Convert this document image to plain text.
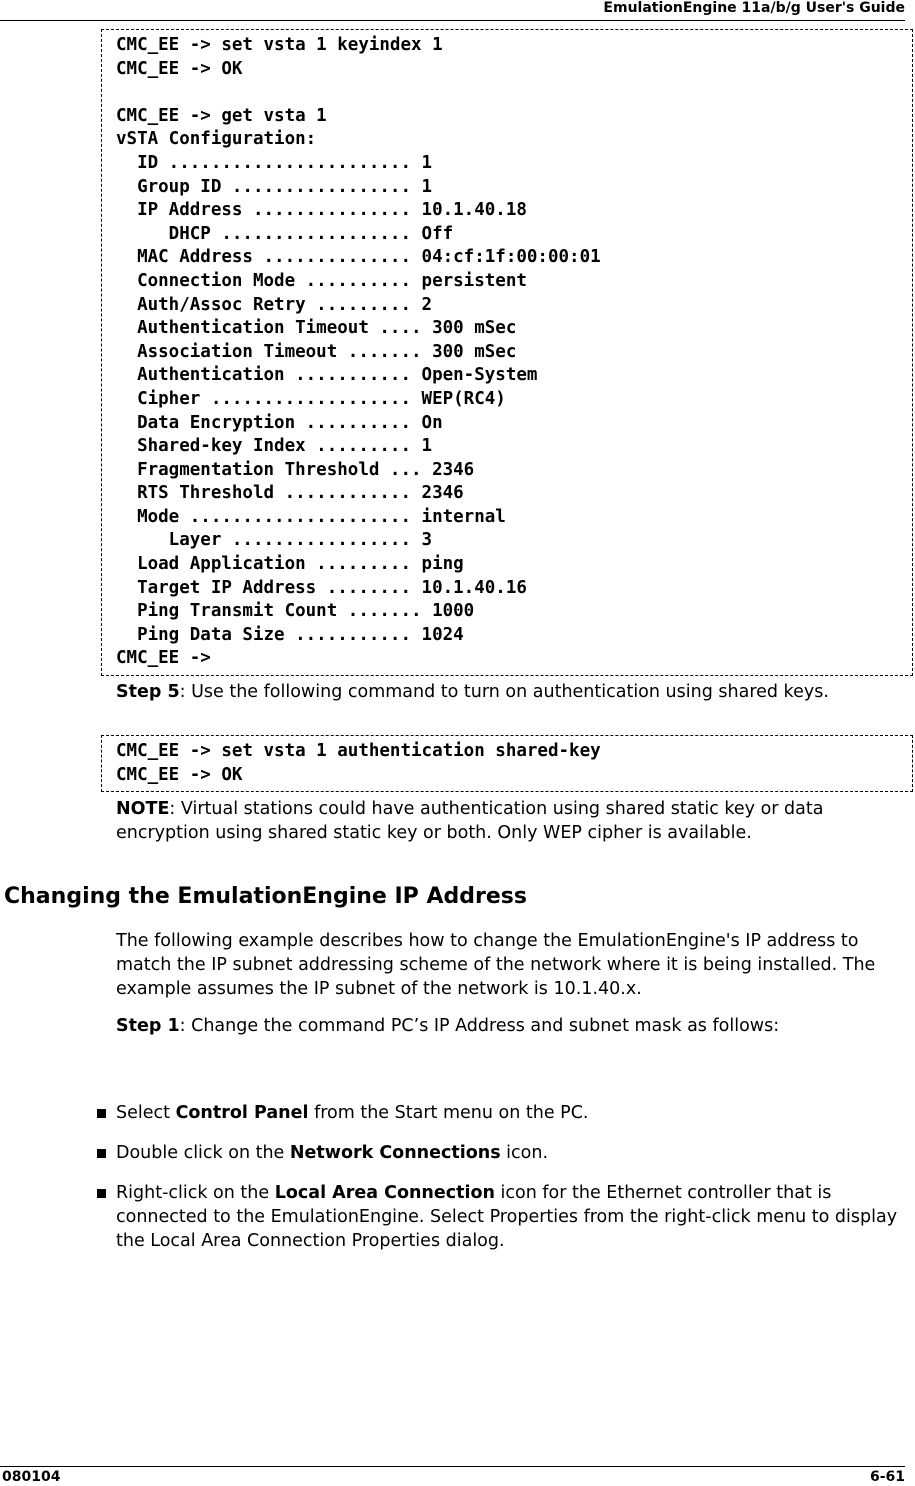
EmulationEngine 11a/b/g User's Guide
CMC_EE -> set vsta 1 keyindex 1
CMC_EE -> OK
CMC_EE -> get vsta 1
vSTA Configuration:
ID ....................... 1
Group ID ................. 1
IP Address ............... 10.1.40.18
DHCP .................. Off
MAC Address .............. 04:cf:1f:00:00:01
Connection Mode .......... persistent
Auth/Assoc Retry ......... 2
Authentication Timeout .... 300 mSec
Association Timeout ....... 300 mSec
Authentication ........... Open-System
Cipher ................... WEP(RC4)
Data Encryption .......... On
Shared-key Index ......... 1
Fragmentation Threshold ... 2346
RTS Threshold ............ 2346
Mode ..................... internal
Layer ................. 3
Load Application ......... ping
Target IP Address ........ 10.1.40.16
Ping Transmit Count ....... 1000
Ping Data Size ........... 1024
CMC_EE ->
Step 5: Use the following command to turn on authentication using shared keys.
CMC_EE -> set vsta 1 authentication shared-key
CMC_EE -> OK
NOTE: Virtual stations could have authentication using shared static key or data encryption using shared static key or both. Only WEP cipher is available.
Changing the EmulationEngine IP Address
The following example describes how to change the EmulationEngine's IP address to match the IP subnet addressing scheme of the network where it is being installed. The example assumes the IP subnet of the network is 10.1.40.x.
Step 1: Change the command PC’s IP Address and subnet mask as follows:
Select Control Panel from the Start menu on the PC.
Double click on the Network Connections icon.
Right-click on the Local Area Connection icon for the Ethernet controller that is connected to the EmulationEngine. Select Properties from the right-click menu to display the Local Area Connection Properties dialog.
080104	6-61
